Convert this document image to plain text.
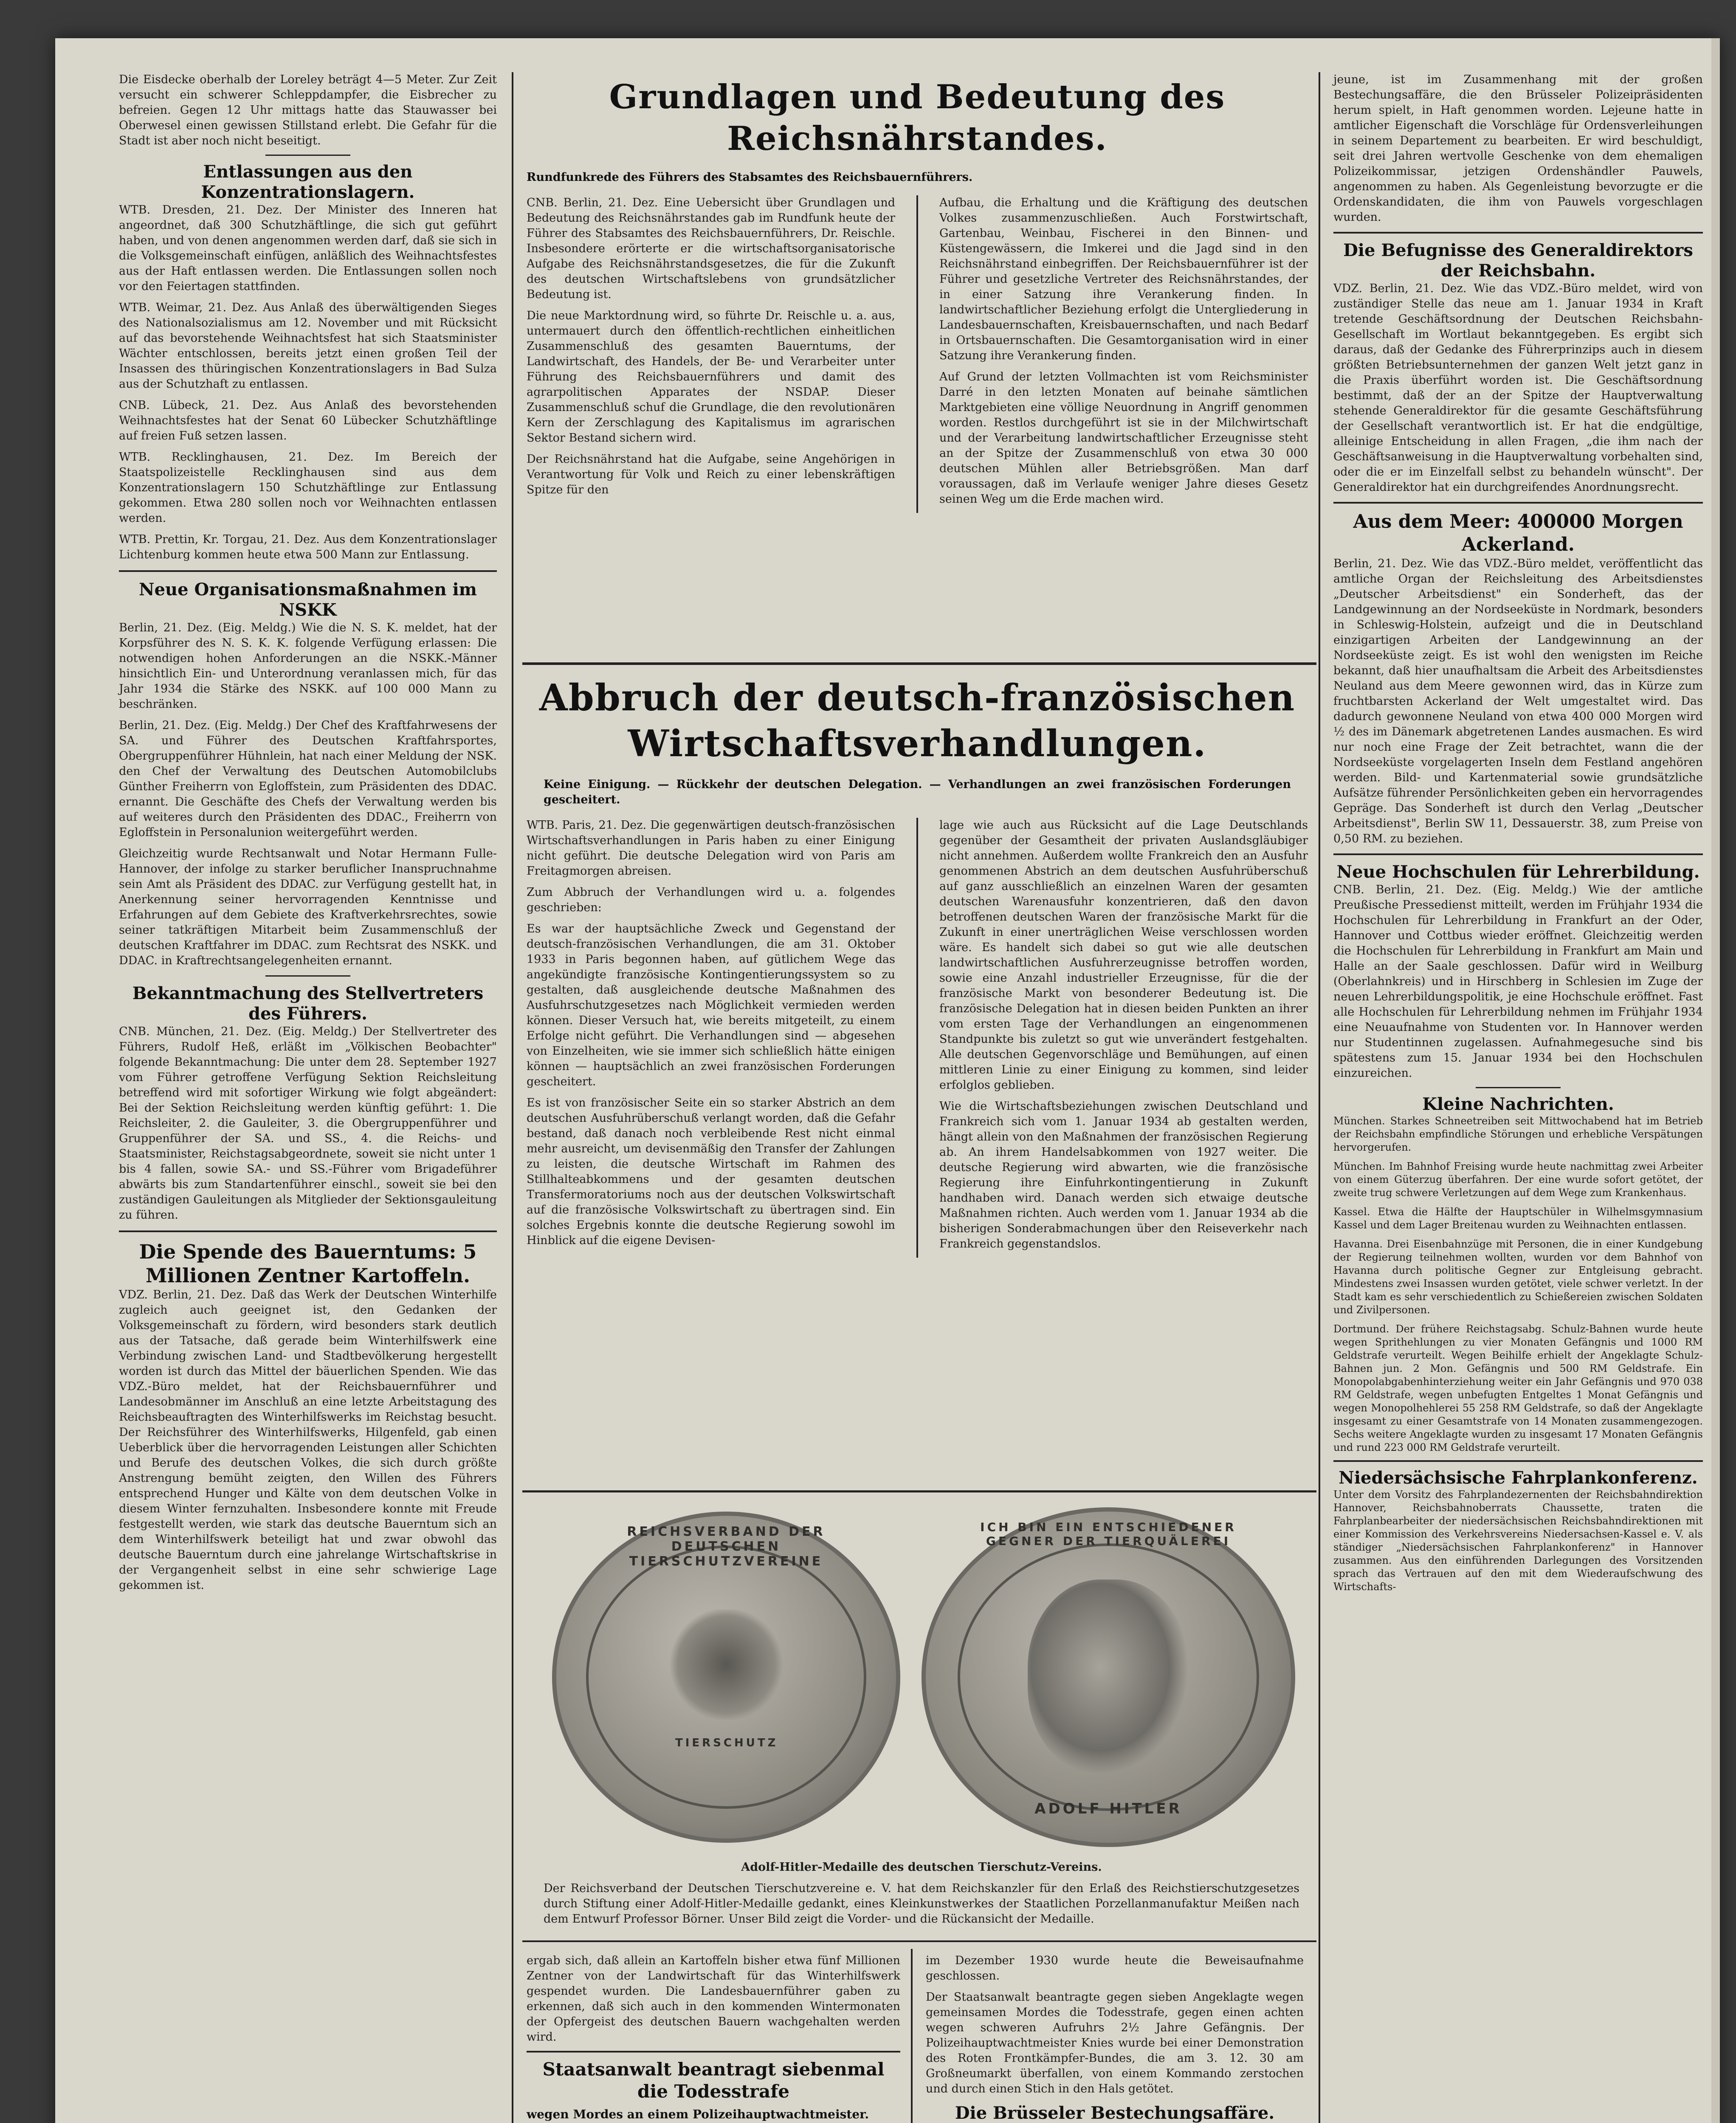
Die Eisdecke oberhalb der Loreley beträgt 4—5 Meter. Zur Zeit versucht ein schwerer Schleppdampfer, die Eisbrecher zu befreien. Gegen 12 Uhr mittags hatte das Stauwasser bei Oberwesel einen gewissen Stillstand erlebt. Die Gefahr für die Stadt ist aber noch nicht beseitigt.

Entlassungen aus den Konzentrationslagern.

WTB. Dresden, 21. Dez. Der Minister des Inneren hat angeordnet, daß 300 Schutzhäftlinge, die sich gut geführt haben, und von denen angenommen werden darf, daß sie sich in die Volksgemeinschaft einfügen, anläßlich des Weihnachtsfestes aus der Haft entlassen werden. Die Entlassungen sollen noch vor den Feiertagen stattfinden.

WTB. Weimar, 21. Dez. Aus Anlaß des überwältigenden Sieges des Nationalsozialismus am 12. November und mit Rücksicht auf das bevorstehende Weihnachtsfest hat sich Staatsminister Wächter entschlossen, bereits jetzt einen großen Teil der Insassen des thüringischen Konzentrationslagers in Bad Sulza aus der Schutzhaft zu entlassen.

CNB. Lübeck, 21. Dez. Aus Anlaß des bevorstehenden Weihnachtsfestes hat der Senat 60 Lübecker Schutzhäftlinge auf freien Fuß setzen lassen.

WTB. Recklinghausen, 21. Dez. Im Bereich der Staatspolizeistelle Recklinghausen sind aus dem Konzentrationslagern 150 Schutzhäftlinge zur Entlassung gekommen. Etwa 280 sollen noch vor Weihnachten entlassen werden.

WTB. Prettin, Kr. Torgau, 21. Dez. Aus dem Konzentrationslager Lichtenburg kommen heute etwa 500 Mann zur Entlassung.

Neue Organisationsmaßnahmen im NSKK

Berlin, 21. Dez. (Eig. Meldg.) Wie die N. S. K. meldet, hat der Korpsführer des N. S. K. K. folgende Verfügung erlassen: Die notwendigen hohen Anforderungen an die NSKK.-Männer hinsichtlich Ein- und Unterordnung veranlassen mich, für das Jahr 1934 die Stärke des NSKK. auf 100 000 Mann zu beschränken.

Berlin, 21. Dez. (Eig. Meldg.) Der Chef des Kraftfahrwesens der SA. und Führer des Deutschen Kraftfahrsportes, Obergruppenführer Hühnlein, hat nach einer Meldung der NSK. den Chef der Verwaltung des Deutschen Automobilclubs Günther Freiherrn von Egloffstein, zum Präsidenten des DDAC. ernannt. Die Geschäfte des Chefs der Verwaltung werden bis auf weiteres durch den Präsidenten des DDAC., Freiherrn von Egloffstein in Personalunion weitergeführt werden.

Gleichzeitig wurde Rechtsanwalt und Notar Hermann Fulle-Hannover, der infolge zu starker beruflicher Inanspruchnahme sein Amt als Präsident des DDAC. zur Verfügung gestellt hat, in Anerkennung seiner hervorragenden Kenntnisse und Erfahrungen auf dem Gebiete des Kraftverkehrsrechtes, sowie seiner tatkräftigen Mitarbeit beim Zusammenschluß der deutschen Kraftfahrer im DDAC. zum Rechtsrat des NSKK. und DDAC. in Kraftrechtsangelegenheiten ernannt.

Bekanntmachung des Stellvertreters des Führers.

CNB. München, 21. Dez. (Eig. Meldg.) Der Stellvertreter des Führers, Rudolf Heß, erläßt im „Völkischen Beobachter" folgende Bekanntmachung: Die unter dem 28. September 1927 vom Führer getroffene Verfügung Sektion Reichsleitung betreffend wird mit sofortiger Wirkung wie folgt abgeändert: Bei der Sektion Reichsleitung werden künftig geführt: 1. Die Reichsleiter, 2. die Gauleiter, 3. die Obergruppenführer und Gruppenführer der SA. und SS., 4. die Reichs- und Staatsminister, Reichstagsabgeordnete, soweit sie nicht unter 1 bis 4 fallen, sowie SA.- und SS.-Führer vom Brigadeführer abwärts bis zum Standartenführer einschl., soweit sie bei den zuständigen Gauleitungen als Mitglieder der Sektionsgauleitung zu führen.

Die Spende des Bauerntums: 5 Millionen Zentner Kartoffeln.

VDZ. Berlin, 21. Dez. Daß das Werk der Deutschen Winterhilfe zugleich auch geeignet ist, den Gedanken der Volksgemeinschaft zu fördern, wird besonders stark deutlich aus der Tatsache, daß gerade beim Winterhilfswerk eine Verbindung zwischen Land- und Stadtbevölkerung hergestellt worden ist durch das Mittel der bäuerlichen Spenden. Wie das VDZ.-Büro meldet, hat der Reichsbauernführer und Landesobmänner im Anschluß an eine letzte Arbeitstagung des Reichsbeauftragten des Winterhilfswerks im Reichstag besucht. Der Reichsführer des Winterhilfswerks, Hilgenfeld, gab einen Ueberblick über die hervorragenden Leistungen aller Schichten und Berufe des deutschen Volkes, die sich durch größte Anstrengung bemüht zeigten, den Willen des Führers entsprechend Hunger und Kälte von dem deutschen Volke in diesem Winter fernzuhalten. Insbesondere konnte mit Freude festgestellt werden, wie stark das deutsche Bauerntum sich an dem Winterhilfswerk beteiligt hat und zwar obwohl das deutsche Bauerntum durch eine jahrelange Wirtschaftskrise in der Vergangenheit selbst in eine sehr schwierige Lage gekommen ist.

Grundlagen und Bedeutung des Reichsnährstandes.

Rundfunkrede des Führers des Stabsamtes des Reichsbauernführers.

CNB. Berlin, 21. Dez. Eine Uebersicht über Grundlagen und Bedeutung des Reichsnährstandes gab im Rundfunk heute der Führer des Stabsamtes des Reichsbauernführers, Dr. Reischle. Insbesondere erörterte er die wirtschaftsorganisatorische Aufgabe des Reichsnährstandsgesetzes, die für die Zukunft des deutschen Wirtschaftslebens von grundsätzlicher Bedeutung ist.

Die neue Marktordnung wird, so führte Dr. Reischle u. a. aus, untermauert durch den öffentlich-rechtlichen einheitlichen Zusammenschluß des gesamten Bauerntums, der Landwirtschaft, des Handels, der Be- und Verarbeiter unter Führung des Reichsbauernführers und damit des agrarpolitischen Apparates der NSDAP. Dieser Zusammenschluß schuf die Grundlage, die den revolutionären Kern der Zerschlagung des Kapitalismus im agrarischen Sektor Bestand sichern wird.

Der Reichsnährstand hat die Aufgabe, seine Angehörigen in Verantwortung für Volk und Reich zu einer lebenskräftigen Spitze für den

Aufbau, die Erhaltung und die Kräftigung des deutschen Volkes zusammenzuschließen. Auch Forstwirtschaft, Gartenbau, Weinbau, Fischerei in den Binnen- und Küstengewässern, die Imkerei und die Jagd sind in den Reichsnährstand einbegriffen. Der Reichsbauernführer ist der Führer und gesetzliche Vertreter des Reichsnährstandes, der in einer Satzung ihre Verankerung finden. In landwirtschaftlicher Beziehung erfolgt die Untergliederung in Landesbauernschaften, Kreisbauernschaften, und nach Bedarf in Ortsbauernschaften. Die Gesamtorganisation wird in einer Satzung ihre Verankerung finden.

Auf Grund der letzten Vollmachten ist vom Reichsminister Darré in den letzten Monaten auf beinahe sämtlichen Marktgebieten eine völlige Neuordnung in Angriff genommen worden. Restlos durchgeführt ist sie in der Milchwirtschaft und der Verarbeitung landwirtschaftlicher Erzeugnisse steht an der Spitze der Zusammenschluß von etwa 30 000 deutschen Mühlen aller Betriebsgrößen. Man darf voraussagen, daß im Verlaufe weniger Jahre dieses Gesetz seinen Weg um die Erde machen wird.

Abbruch der deutsch-französischen Wirtschaftsverhandlungen.

Keine Einigung. — Rückkehr der deutschen Delegation. — Verhandlungen an zwei französischen Forderungen gescheitert.

WTB. Paris, 21. Dez. Die gegenwärtigen deutsch-französischen Wirtschaftsverhandlungen in Paris haben zu einer Einigung nicht geführt. Die deutsche Delegation wird von Paris am Freitagmorgen abreisen.

Zum Abbruch der Verhandlungen wird u. a. folgendes geschrieben:

Es war der hauptsächliche Zweck und Gegenstand der deutsch-französischen Verhandlungen, die am 31. Oktober 1933 in Paris begonnen haben, auf gütlichem Wege das angekündigte französische Kontingentierungssystem so zu gestalten, daß ausgleichende deutsche Maßnahmen des Ausfuhrschutzgesetzes nach Möglichkeit vermieden werden können. Dieser Versuch hat, wie bereits mitgeteilt, zu einem Erfolge nicht geführt. Die Verhandlungen sind — abgesehen von Einzelheiten, wie sie immer sich schließlich hätte einigen können — hauptsächlich an zwei französischen Forderungen gescheitert.

Es ist von französischer Seite ein so starker Abstrich an dem deutschen Ausfuhrüberschuß verlangt worden, daß die Gefahr bestand, daß danach noch verbleibende Rest nicht einmal mehr ausreicht, um devisenmäßig den Transfer der Zahlungen zu leisten, die deutsche Wirtschaft im Rahmen des Stillhalteabkommens und der gesamten deutschen Transfermoratoriums noch aus der deutschen Volkswirtschaft auf die französische Volkswirtschaft zu übertragen sind. Ein solches Ergebnis konnte die deutsche Regierung sowohl im Hinblick auf die eigene Devisen-

lage wie auch aus Rücksicht auf die Lage Deutschlands gegenüber der Gesamtheit der privaten Auslandsgläubiger nicht annehmen. Außerdem wollte Frankreich den an Ausfuhr genommenen Abstrich an dem deutschen Ausfuhrüberschuß auf ganz ausschließlich an einzelnen Waren der gesamten deutschen Warenausfuhr konzentrieren, daß den davon betroffenen deutschen Waren der französische Markt für die Zukunft in einer unerträglichen Weise verschlossen worden wäre. Es handelt sich dabei so gut wie alle deutschen landwirtschaftlichen Ausfuhrerzeugnisse betroffen worden, sowie eine Anzahl industrieller Erzeugnisse, für die der französische Markt von besonderer Bedeutung ist. Die französische Delegation hat in diesen beiden Punkten an ihrer vom ersten Tage der Verhandlungen an eingenommenen Standpunkte bis zuletzt so gut wie unverändert festgehalten. Alle deutschen Gegenvorschläge und Bemühungen, auf einen mittleren Linie zu einer Einigung zu kommen, sind leider erfolglos geblieben.

Wie die Wirtschaftsbeziehungen zwischen Deutschland und Frankreich sich vom 1. Januar 1934 ab gestalten werden, hängt allein von den Maßnahmen der französischen Regierung ab. An ihrem Handelsabkommen von 1927 weiter. Die deutsche Regierung wird abwarten, wie die französische Regierung ihre Einfuhrkontingentierung in Zukunft handhaben wird. Danach werden sich etwaige deutsche Maßnahmen richten. Auch werden vom 1. Januar 1934 ab die bisherigen Sonderabmachungen über den Reiseverkehr nach Frankreich gegenstandslos.

REICHSVERBAND DER DEUTSCHEN TIERSCHUTZVEREINE
TIERSCHUTZ
ICH BIN EIN ENTSCHIEDENER GEGNER DER TIERQUÄLEREI
ADOLF HITLER

Adolf-Hitler-Medaille des deutschen Tierschutz-Vereins.

Der Reichsverband der Deutschen Tierschutzvereine e. V. hat dem Reichskanzler für den Erlaß des Reichstierschutzgesetzes durch Stiftung einer Adolf-Hitler-Medaille gedankt, eines Kleinkunstwerkes der Staatlichen Porzellanmanufaktur Meißen nach dem Entwurf Professor Börner. Unser Bild zeigt die Vorder- und die Rückansicht der Medaille.

ergab sich, daß allein an Kartoffeln bisher etwa fünf Millionen Zentner von der Landwirtschaft für das Winterhilfswerk gespendet wurden. Die Landesbauernführer gaben zu erkennen, daß sich auch in den kommenden Wintermonaten der Opfergeist des deutschen Bauern wachgehalten werden wird.

Staatsanwalt beantragt siebenmal die Todesstrafe

wegen Mordes an einem Polizeihauptwachtmeister.

im Dezember 1930 wurde heute die Beweisaufnahme geschlossen.

Der Staatsanwalt beantragte gegen sieben Angeklagte wegen gemeinsamen Mordes die Todesstrafe, gegen einen achten wegen schweren Aufruhrs 2½ Jahre Gefängnis. Der Polizeihauptwachtmeister Knies wurde bei einer Demonstration des Roten Frontkämpfer-Bundes, die am 3. 12. 30 am Großneumarkt überfallen, von einem Kommando zerstochen und durch einen Stich in den Hals getötet.

Die Brüsseler Bestechungsaffäre.

jeune, ist im Zusammenhang mit der großen Bestechungsaffäre, die den Brüsseler Polizeipräsidenten herum spielt, in Haft genommen worden. Lejeune hatte in amtlicher Eigenschaft die Vorschläge für Ordensverleihungen in seinem Departement zu bearbeiten. Er wird beschuldigt, seit drei Jahren wertvolle Geschenke von dem ehemaligen Polizeikommissar, jetzigen Ordenshändler Pauwels, angenommen zu haben. Als Gegenleistung bevorzugte er die Ordenskandidaten, die ihm von Pauwels vorgeschlagen wurden.

Die Befugnisse des Generaldirektors der Reichsbahn.

VDZ. Berlin, 21. Dez. Wie das VDZ.-Büro meldet, wird von zuständiger Stelle das neue am 1. Januar 1934 in Kraft tretende Geschäftsordnung der Deutschen Reichsbahn-Gesellschaft im Wortlaut bekanntgegeben. Es ergibt sich daraus, daß der Gedanke des Führerprinzips auch in diesem größten Betriebsunternehmen der ganzen Welt jetzt ganz in die Praxis überführt worden ist. Die Geschäftsordnung bestimmt, daß der an der Spitze der Hauptverwaltung stehende Generaldirektor für die gesamte Geschäftsführung der Gesellschaft verantwortlich ist. Er hat die endgültige, alleinige Entscheidung in allen Fragen, „die ihm nach der Geschäftsanweisung in die Hauptverwaltung vorbehalten sind, oder die er im Einzelfall selbst zu behandeln wünscht". Der Generaldirektor hat ein durchgreifendes Anordnungsrecht.

Aus dem Meer: 400000 Morgen Ackerland.

Berlin, 21. Dez. Wie das VDZ.-Büro meldet, veröffentlicht das amtliche Organ der Reichsleitung des Arbeitsdienstes „Deutscher Arbeitsdienst" ein Sonderheft, das der Landgewinnung an der Nordseeküste in Nordmark, besonders in Schleswig-Holstein, aufzeigt und die in Deutschland einzigartigen Arbeiten der Landgewinnung an der Nordseeküste zeigt. Es ist wohl den wenigsten im Reiche bekannt, daß hier unaufhaltsam die Arbeit des Arbeitsdienstes Neuland aus dem Meere gewonnen wird, das in Kürze zum fruchtbarsten Ackerland der Welt umgestaltet wird. Das dadurch gewonnene Neuland von etwa 400 000 Morgen wird ½ des im Dänemark abgetretenen Landes ausmachen. Es wird nur noch eine Frage der Zeit betrachtet, wann die der Nordseeküste vorgelagerten Inseln dem Festland angehören werden. Bild- und Kartenmaterial sowie grundsätzliche Aufsätze führender Persönlichkeiten geben ein hervorragendes Gepräge. Das Sonderheft ist durch den Verlag „Deutscher Arbeitsdienst", Berlin SW 11, Dessauerstr. 38, zum Preise von 0,50 RM. zu beziehen.

Neue Hochschulen für Lehrerbildung.

CNB. Berlin, 21. Dez. (Eig. Meldg.) Wie der amtliche Preußische Pressedienst mitteilt, werden im Frühjahr 1934 die Hochschulen für Lehrerbildung in Frankfurt an der Oder, Hannover und Cottbus wieder eröffnet. Gleichzeitig werden die Hochschulen für Lehrerbildung in Frankfurt am Main und Halle an der Saale geschlossen. Dafür wird in Weilburg (Oberlahnkreis) und in Hirschberg in Schlesien im Zuge der neuen Lehrerbildungspolitik, je eine Hochschule eröffnet. Fast alle Hochschulen für Lehrerbildung nehmen im Frühjahr 1934 eine Neuaufnahme von Studenten vor. In Hannover werden nur Studentinnen zugelassen. Aufnahmegesuche sind bis spätestens zum 15. Januar 1934 bei den Hochschulen einzureichen.

Kleine Nachrichten.

München. Starkes Schneetreiben seit Mittwochabend hat im Betrieb der Reichsbahn empfindliche Störungen und erhebliche Verspätungen hervorgerufen.

München. Im Bahnhof Freising wurde heute nachmittag zwei Arbeiter von einem Güterzug überfahren. Der eine wurde sofort getötet, der zweite trug schwere Verletzungen auf dem Wege zum Krankenhaus.

Kassel. Etwa die Hälfte der Hauptschüler in Wilhelmsgymnasium Kassel und dem Lager Breitenau wurden zu Weihnachten entlassen.

Havanna. Drei Eisenbahnzüge mit Personen, die in einer Kundgebung der Regierung teilnehmen wollten, wurden vor dem Bahnhof von Havanna durch politische Gegner zur Entgleisung gebracht. Mindestens zwei Insassen wurden getötet, viele schwer verletzt. In der Stadt kam es sehr verschiedentlich zu Schießereien zwischen Soldaten und Zivilpersonen.

Dortmund. Der frühere Reichstagsabg. Schulz-Bahnen wurde heute wegen Sprithehlungen zu vier Monaten Gefängnis und 1000 RM Geldstrafe verurteilt. Wegen Beihilfe erhielt der Angeklagte Schulz-Bahnen jun. 2 Mon. Gefängnis und 500 RM Geldstrafe. Ein Monopolabgabenhinterziehung weiter ein Jahr Gefängnis und 970 038 RM Geldstrafe, wegen unbefugten Entgeltes 1 Monat Gefängnis und wegen Monopolhehlerei 55 258 RM Geldstrafe, so daß der Angeklagte insgesamt zu einer Gesamtstrafe von 14 Monaten zusammengezogen. Sechs weitere Angeklagte wurden zu insgesamt 17 Monaten Gefängnis und rund 223 000 RM Geldstrafe verurteilt.

Niedersächsische Fahrplankonferenz.

Unter dem Vorsitz des Fahrplandezernenten der Reichsbahndirektion Hannover, Reichsbahnoberrats Chaussette, traten die Fahrplanbearbeiter der niedersächsischen Reichsbahndirektionen mit einer Kommission des Verkehrsvereins Niedersachsen-Kassel e. V. als ständiger „Niedersächsischen Fahrplankonferenz" in Hannover zusammen. Aus den einführenden Darlegungen des Vorsitzenden sprach das Vertrauen auf den mit dem Wiederaufschwung des Wirtschafts-
